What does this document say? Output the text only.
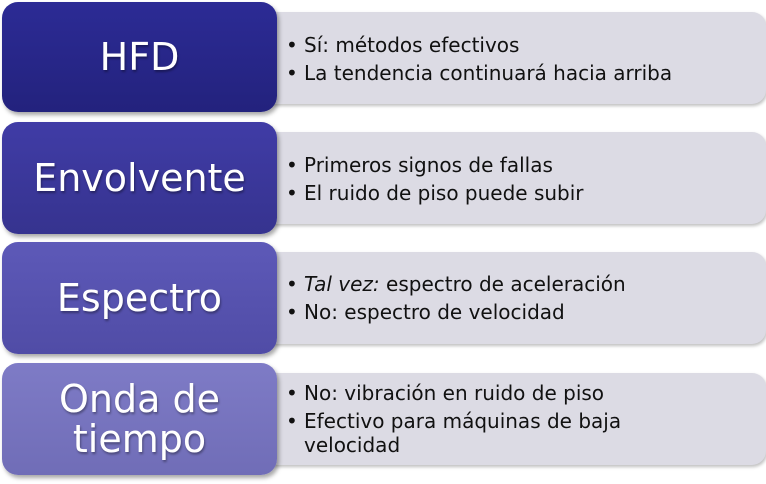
HFD	• Sí: métodos efectivos
• La tendencia continuará hacia arriba
Envolvente	• Primeros signos de fallas
• El ruido de piso puede subir
Espectro	• Tal vez: espectro de aceleración
• No: espectro de velocidad
Onda de
tiempo
• No: vibración en ruido de piso
• Efectivo para máquinas de baja
velocidad
